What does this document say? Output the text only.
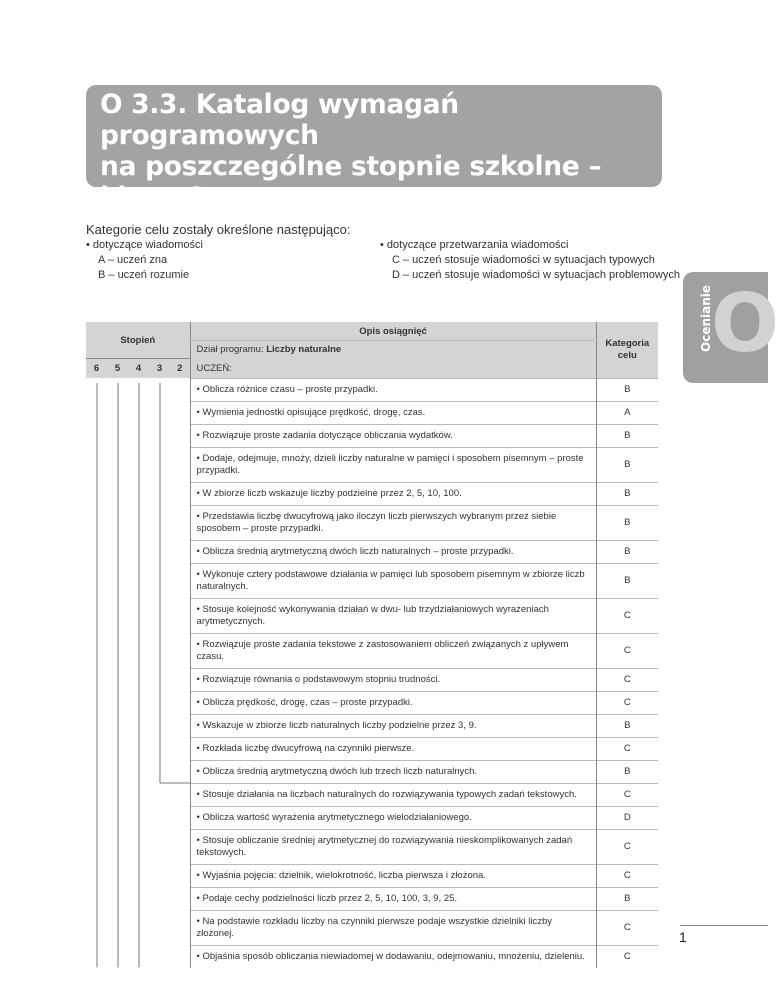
O 3.3. Katalog wymagań programowych
na poszczególne stopnie szkolne –
klasa 6
Kategorie celu zostały określone następująco:
• dotyczące wiadomości

A – uczeń zna
B – uczeń rozumie
• dotyczące przetwarzania wiadomości

C – uczeń stosuje wiadomości w sytuacjach typowych
D – uczeń stosuje wiadomości w sytuacjach problemowych
O
Ocenianie
Stopień					Opis osiągnięć	Kategoria
celu
					Dział programu: Liczby naturalne	
6	5	4	3	2	UCZEŃ:	
					• Oblicza różnice czasu – proste przypadki.	B
					• Wymienia jednostki opisujące prędkość, drogę, czas.	A
					• Rozwiązuje proste zadania dotyczące obliczania wydatków.	B
					• Dodaje, odejmuje, mnoży, dzieli liczby naturalne w pamięci i sposobem pisemnym – proste przypadki.	B
					• W zbiorze liczb wskazuje liczby podzielne przez 2, 5, 10, 100.	B
					• Przedstawia liczbę dwucyfrową jako iloczyn liczb pierwszych wybranym przez siebie sposobem – proste przypadki.	B
					• Oblicza średnią arytmetyczną dwóch liczb naturalnych – proste przypadki.	B
					• Wykonuje cztery podstawowe działania w pamięci lub sposobem pisemnym w zbiorze liczb naturalnych.	B
					• Stosuje kolejność wykonywania działań w dwu- lub trzydziałaniowych wyrażeniach arytmetycznych.	C
					• Rozwiązuje proste zadania tekstowe z zastosowaniem obliczeń związanych z upływem czasu.	C
					• Rozwiązuje równania o podstawowym stopniu trudności.	C
					• Oblicza prędkość, drogę, czas – proste przypadki.	C
					• Wskazuje w zbiorze liczb naturalnych liczby podzielne przez 3, 9.	B
					• Rozkłada liczbę dwucyfrową na czynniki pierwsze.	C
					• Oblicza średnią arytmetyczną dwóch lub trzech liczb naturalnych.	B
					• Stosuje działania na liczbach naturalnych do rozwiązywania typowych zadań tekstowych.	C
					• Oblicza wartość wyrażenia arytmetycznego wielodziałaniowego.	D
					• Stosuje obliczanie średniej arytmetycznej do rozwiązywania nieskomplikowanych zadań tekstowych.	C
					• Wyjaśnia pojęcia: dzielnik, wielokrotność, liczba pierwsza i złożona.	C
					• Podaje cechy podzielności liczb przez 2, 5, 10, 100, 3, 9, 25.	B
					• Na podstawie rozkładu liczby na czynniki pierwsze podaje wszystkie dzielniki liczby złożonej.	C
					• Objaśnia sposób obliczania niewiadomej w dodawaniu, odejmowaniu, mnożeniu, dzieleniu.	C
1
